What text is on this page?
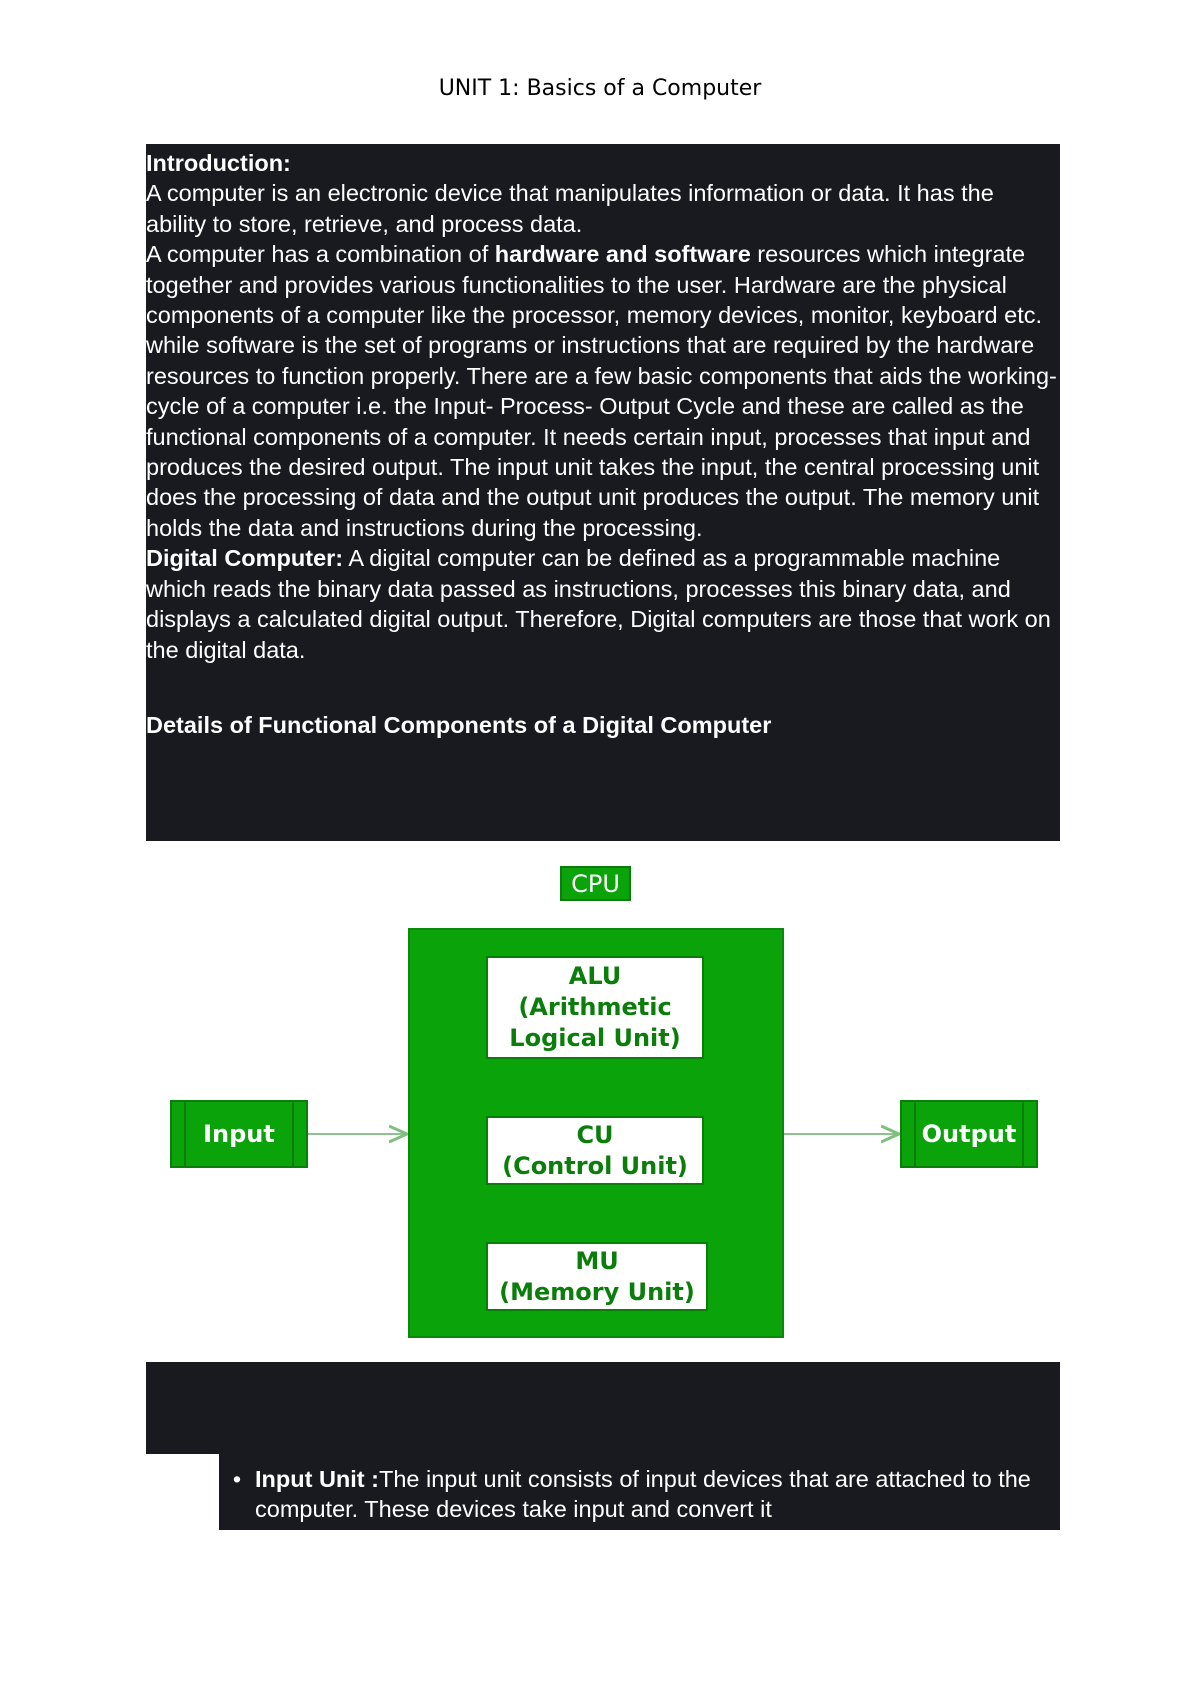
UNIT 1: Basics of a Computer

Introduction:

A computer is an electronic device that manipulates information or data. It has the ability to store, retrieve, and process data.

A computer has a combination of hardware and software resources which integrate together and provides various functionalities to the user. Hardware are the physical components of a computer like the processor, memory devices, monitor, keyboard etc. while software is the set of programs or instructions that are required by the hardware resources to function properly. There are a few basic components that aids the working-cycle of a computer i.e. the Input- Process- Output Cycle and these are called as the functional components of a computer. It needs certain input, processes that input and produces the desired output. The input unit takes the input, the central processing unit does the processing of data and the output unit produces the output. The memory unit holds the data and instructions during the processing.

Digital Computer: A digital computer can be defined as a programmable machine which reads the binary data passed as instructions, processes this binary data, and displays a calculated digital output. Therefore, Digital computers are those that work on the digital data.

Details of Functional Components of a Digital Computer

CPU
ALU
(Arithmetic
Logical Unit)
CU
(Control Unit)
MU
(Memory Unit)
Input	Output
• Input Unit :The input unit consists of input devices that are attached to the computer. These devices take input and convert it
